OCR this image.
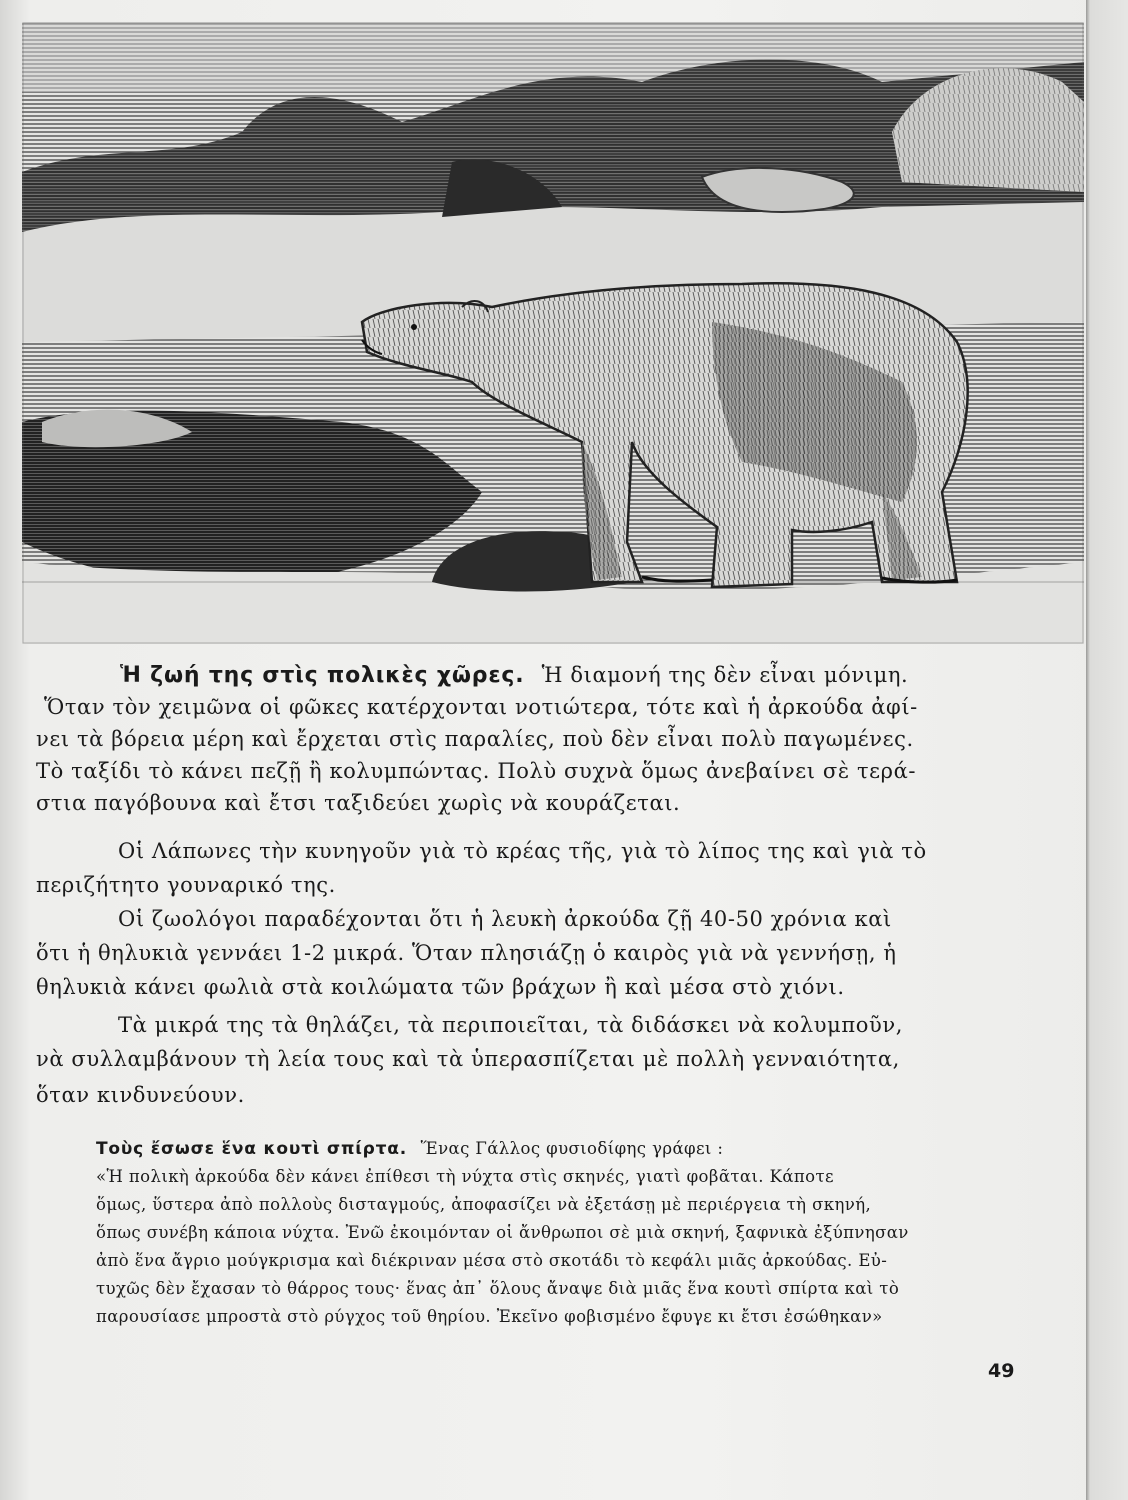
Ἡ ζωή της στὶς πολικὲς χῶρες. Ἡ διαμονή της δὲν εἶναι μόνιμη.
Ὅταν τὸν χειμῶνα οἱ φῶκες κατέρχονται νοτιώτερα, τότε καὶ ἡ ἀρκούδα ἀφί-
νει τὰ βόρεια μέρη καὶ ἔρχεται στὶς παραλίες, ποὺ δὲν εἶναι πολὺ παγωμένες.
Τὸ ταξίδι τὸ κάνει πεζῇ ἢ κολυμπώντας. Πολὺ συχνὰ ὅμως ἀνεβαίνει σὲ τερά-
στια παγόβουνα καὶ ἔτσι ταξιδεύει χωρὶς νὰ κουράζεται.
Οἱ Λάπωνες τὴν κυνηγοῦν γιὰ τὸ κρέας τῆς, γιὰ τὸ λίπος της καὶ γιὰ τὸ
περιζήτητο γουναρικό της.
Οἱ ζωολόγοι παραδέχονται ὅτι ἡ λευκὴ ἀρκούδα ζῇ 40-50 χρόνια καὶ
ὅτι ἡ θηλυκιὰ γεννάει 1-2 μικρά. Ὅταν πλησιάζῃ ὁ καιρὸς γιὰ νὰ γεννήσῃ, ἡ
θηλυκιὰ κάνει φωλιὰ στὰ κοιλώματα τῶν βράχων ἢ καὶ μέσα στὸ χιόνι.
Τὰ μικρά της τὰ θηλάζει, τὰ περιποιεῖται, τὰ διδάσκει νὰ κολυμποῦν,
νὰ συλλαμβάνουν τὴ λεία τους καὶ τὰ ὑπερασπίζεται μὲ πολλὴ γενναιότητα,
ὅταν κινδυνεύουν.
Τοὺς ἔσωσε ἕνα κουτὶ σπίρτα. Ἕνας Γάλλος φυσιοδίφης γράφει :
«Ἡ πολικὴ ἀρκούδα δὲν κάνει ἐπίθεσι τὴ νύχτα στὶς σκηνές, γιατὶ φοβᾶται. Κάποτε
ὅμως, ὕστερα ἀπὸ πολλοὺς δισταγμούς, ἀποφασίζει νὰ ἐξετάσῃ μὲ περιέργεια τὴ σκηνή,
ὅπως συνέβη κάποια νύχτα. Ἐνῶ ἐκοιμόνταν οἱ ἄνθρωποι σὲ μιὰ σκηνή, ξαφνικὰ ἐξύπνησαν
ἀπὸ ἕνα ἄγριο μούγκρισμα καὶ διέκριναν μέσα στὸ σκοτάδι τὸ κεφάλι μιᾶς ἀρκούδας. Εὐ-
τυχῶς δὲν ἔχασαν τὸ θάρρος τους· ἕνας ἀπ᾿ ὅλους ἄναψε διὰ μιᾶς ἕνα κουτὶ σπίρτα καὶ τὸ
παρουσίασε μπροστὰ στὸ ρύγχος τοῦ θηρίου. Ἐκεῖνο φοβισμένο ἔφυγε κι ἔτσι ἐσώθηκαν»
49
